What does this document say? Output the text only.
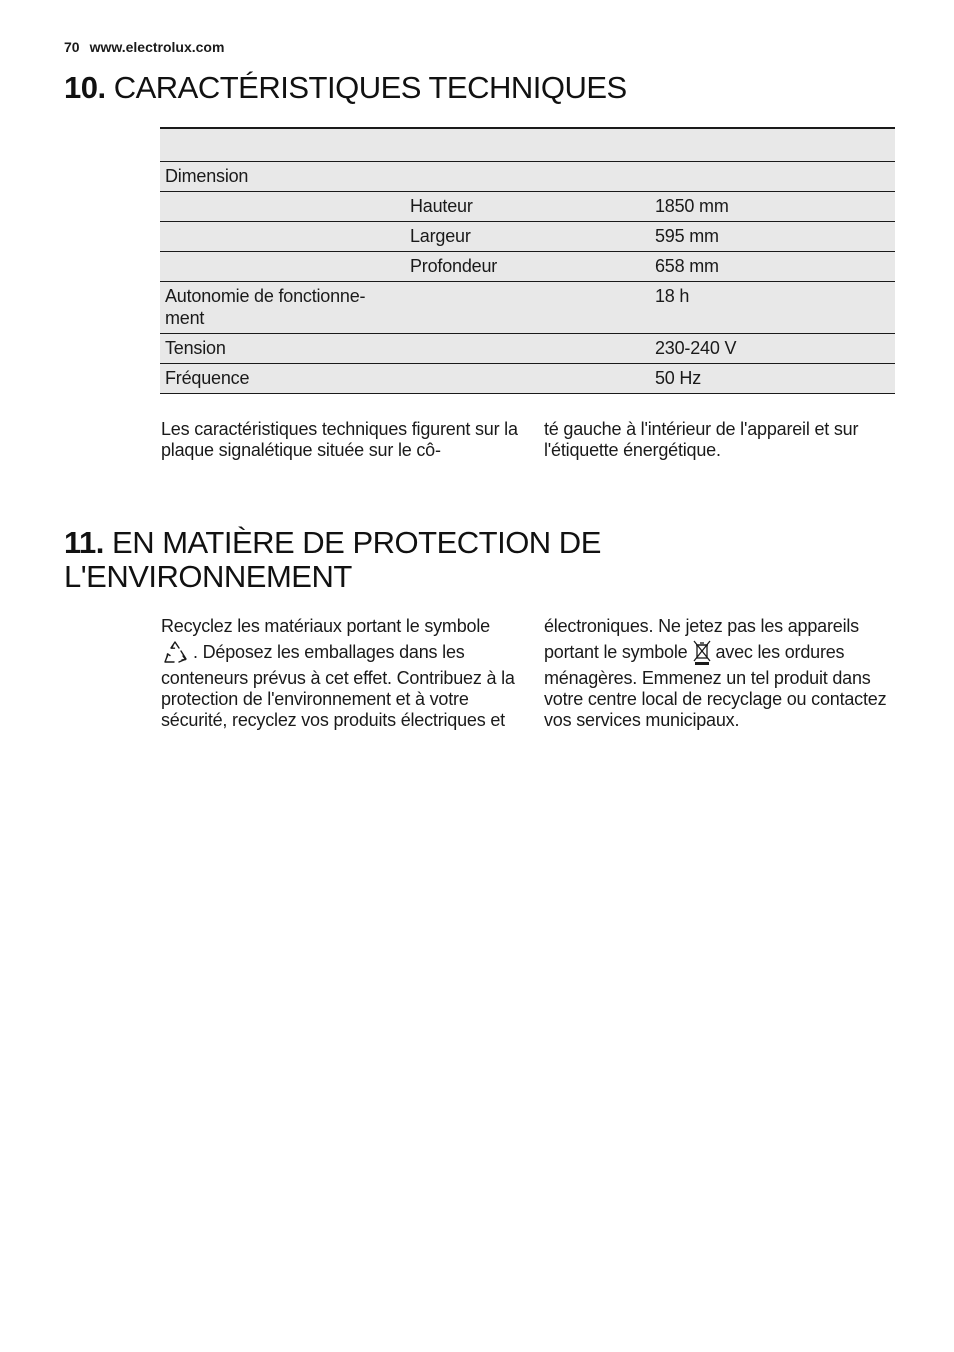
70 www.electrolux.com
10. CARACTÉRISTIQUES TECHNIQUES

Dimension		
	Hauteur	1850 mm
	Largeur	595 mm
	Profondeur	658 mm
Autonomie de fonctionne-
ment		18 h
Tension		230-240 V
Fréquence		50 Hz

Les caractéristiques techniques figurent sur la plaque signalétique située sur le cô-

té gauche à l'intérieur de l'appareil et sur l'étiquette énergétique.

11. EN MATIÈRE DE PROTECTION DE L'ENVIRONNEMENT

Recyclez les matériaux portant le symbole

. Déposez les emballages dans les

conteneurs prévus à cet effet. Contribuez à la protection de l'environnement et à votre sécurité, recyclez vos produits électriques et

électroniques. Ne jetez pas les appareils

portant le symbole avec les ordures

ménagères. Emmenez un tel produit dans votre centre local de recyclage ou contactez vos services municipaux.
